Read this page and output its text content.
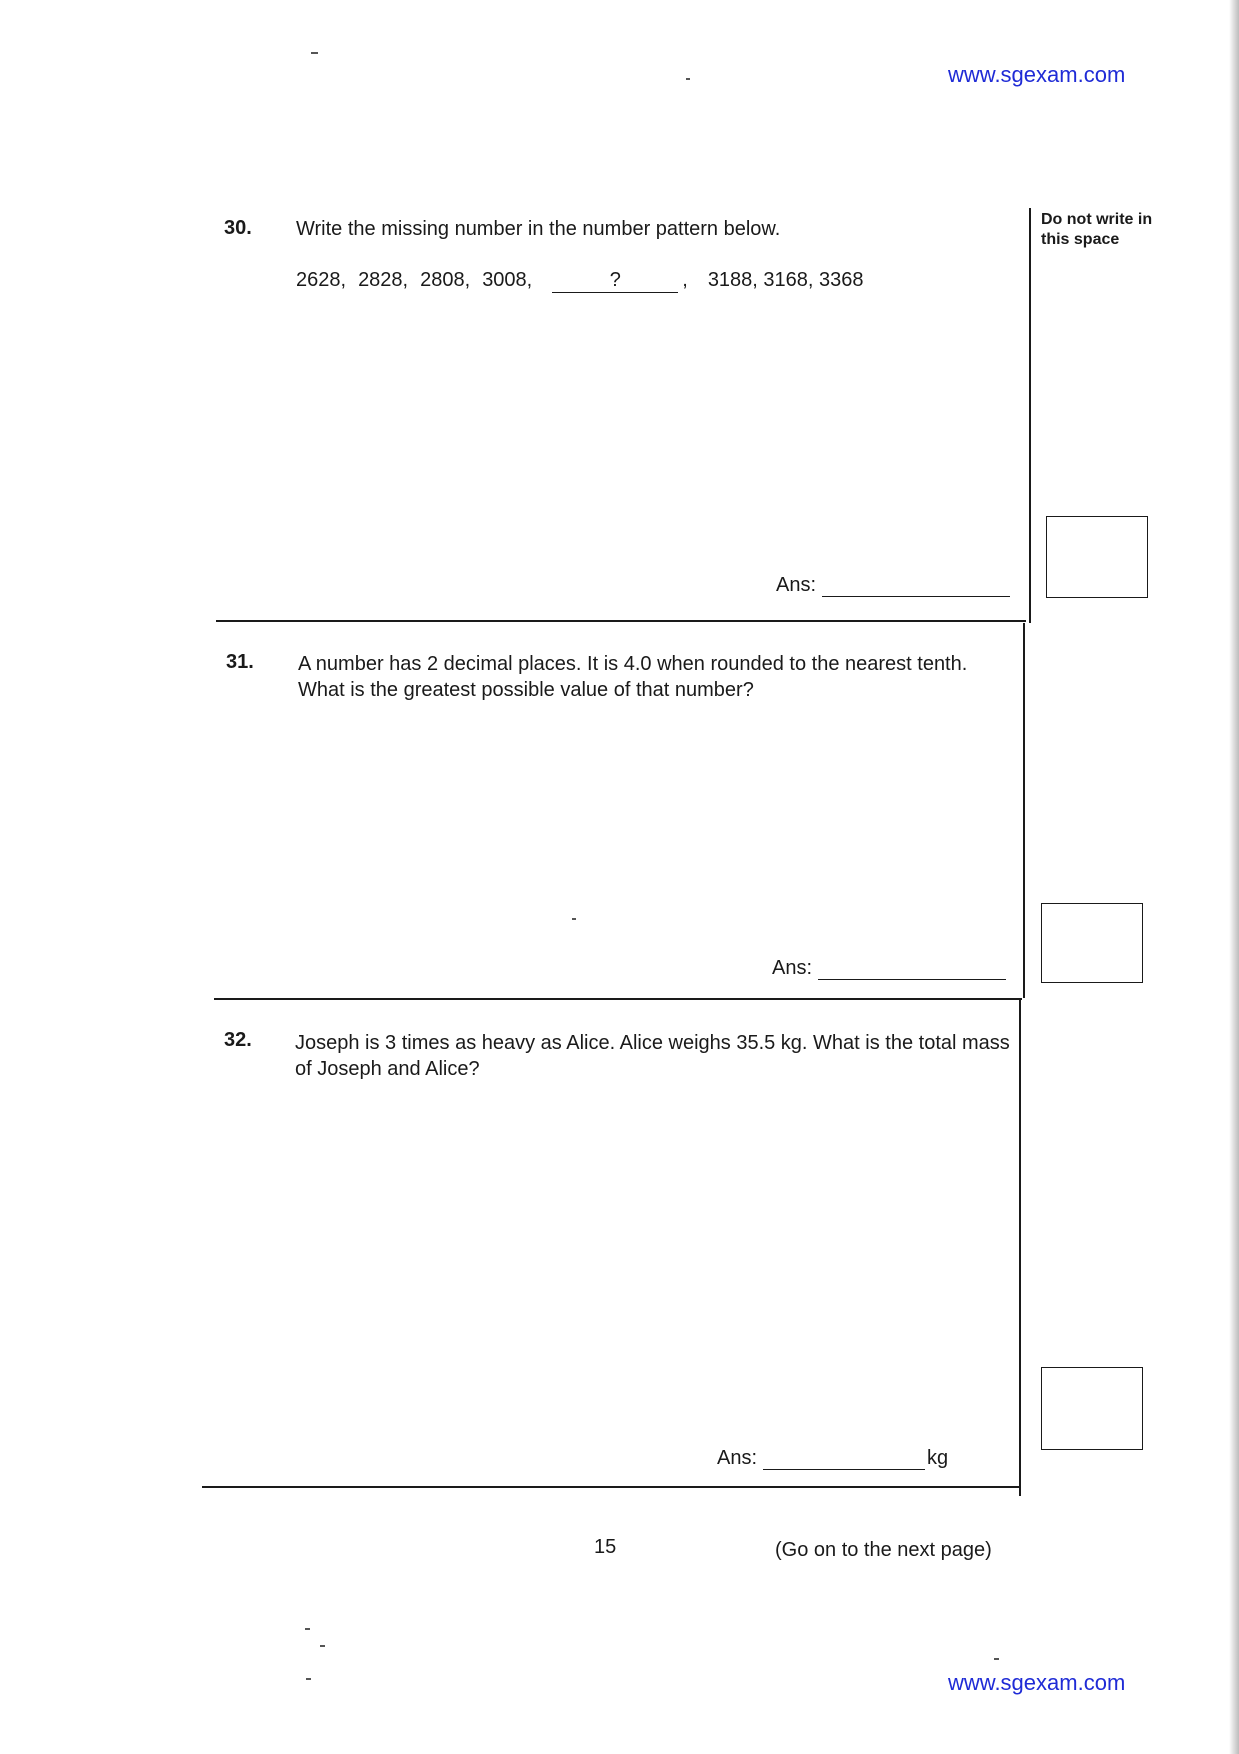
www.sgexam.com
Do not write in this space
30. Write the missing number in the number pattern below.
2628, 2828, 2808, 3008,	?	, 3188, 3168, 3368
Ans:
31. A number has 2 decimal places. It is 4.0 when rounded to the nearest tenth. What is the greatest possible value of that number?
Ans:
32. Joseph is 3 times as heavy as Alice. Alice weighs 35.5 kg. What is the total mass of Joseph and Alice?
Ans:	kg
15	(Go on to the next page)
www.sgexam.com
